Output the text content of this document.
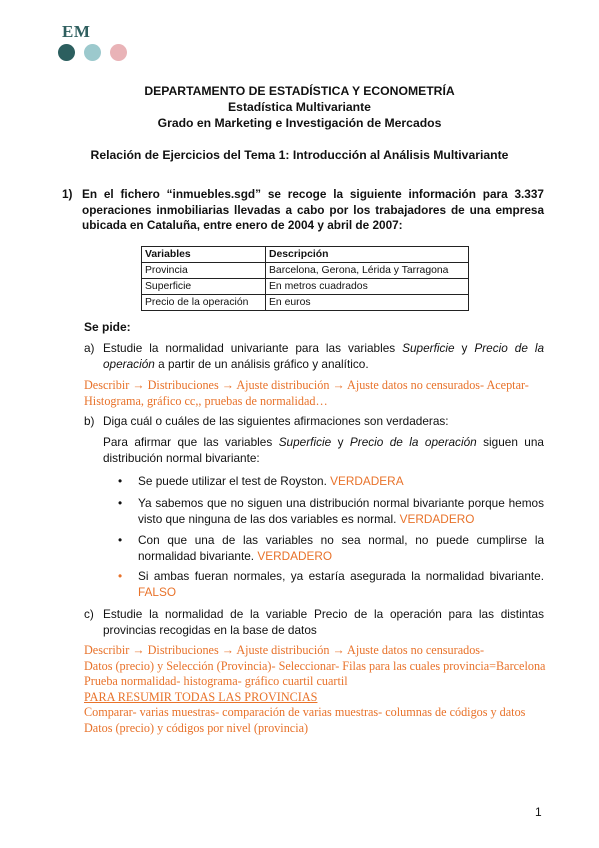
EM
DEPARTAMENTO DE ESTADÍSTICA Y ECONOMETRÍA
Estadística Multivariante
Grado en Marketing e Investigación de Mercados
Relación de Ejercicios del Tema 1: Introducción al Análisis Multivariante
1) En el fichero “inmuebles.sgd” se recoge la siguiente información para 3.337 operaciones inmobiliarias llevadas a cabo por los trabajadores de una empresa ubicada en Cataluña, entre enero de 2004 y abril de 2007:
Variables	Descripción
Provincia	Barcelona, Gerona, Lérida y Tarragona
Superficie	En metros cuadrados
Precio de la operación	En euros
Se pide:
a) Estudie la normalidad univariante para las variables Superficie y Precio de la operación a partir de un análisis gráfico y analítico.
Describir → Distribuciones → Ajuste distribución → Ajuste datos no censurados- Aceptar-
Histograma, gráfico cc,, pruebas de normalidad…
b) Diga cuál o cuáles de las siguientes afirmaciones son verdaderas:
Para afirmar que las variables Superficie y Precio de la operación siguen una distribución normal bivariante:
• Se puede utilizar el test de Royston. VERDADERA
• Ya sabemos que no siguen una distribución normal bivariante porque hemos visto que ninguna de las dos variables es normal. VERDADERO
• Con que una de las variables no sea normal, no puede cumplirse la normalidad bivariante. VERDADERO
• Si ambas fueran normales, ya estaría asegurada la normalidad bivariante. FALSO
c) Estudie la normalidad de la variable Precio de la operación para las distintas provincias recogidas en la base de datos
Describir → Distribuciones → Ajuste distribución → Ajuste datos no censurados-
Datos (precio) y Selección (Provincia)- Seleccionar- Filas para las cuales provincia=Barcelona
Prueba normalidad- histograma- gráfico cuartil cuartil
PARA RESUMIR TODAS LAS PROVINCIAS
Comparar- varias muestras- comparación de varias muestras- columnas de códigos y datos
Datos (precio) y códigos por nivel (provincia)
1
